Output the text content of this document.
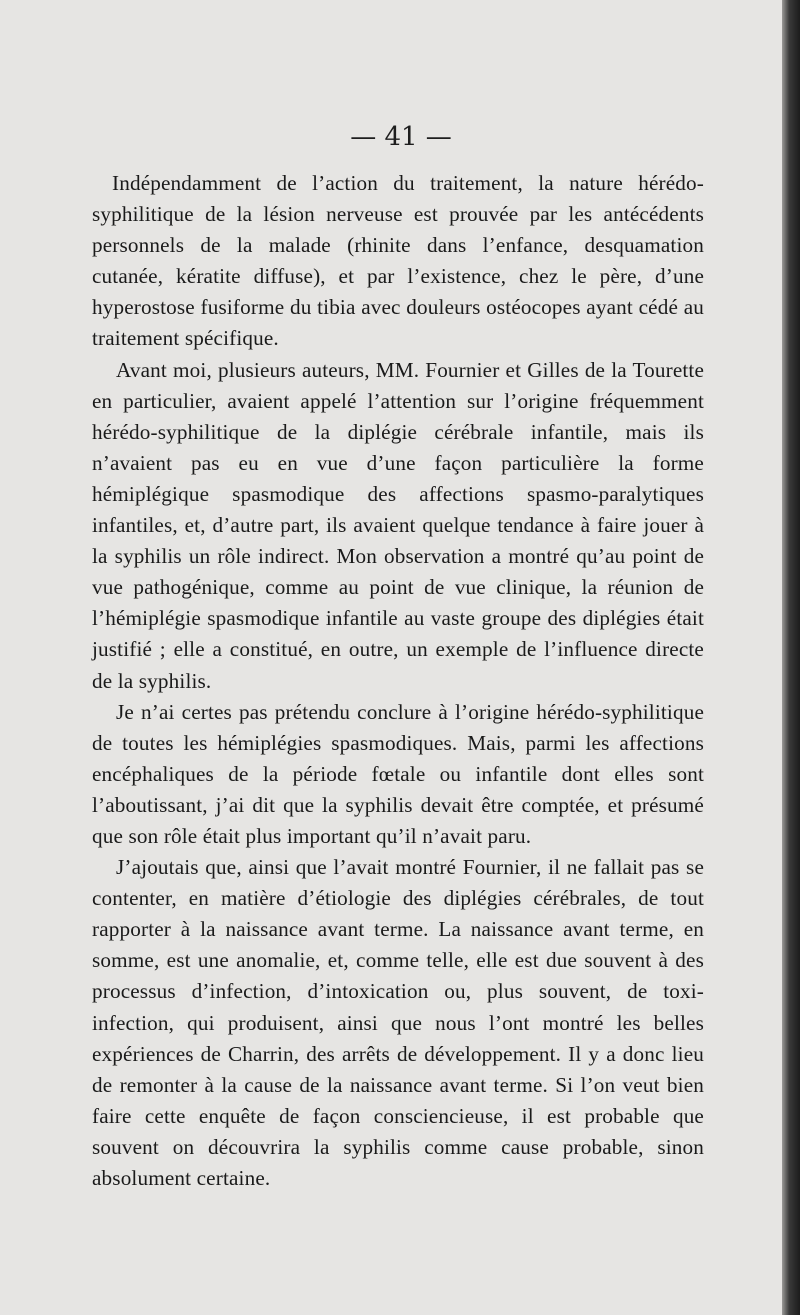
— 41 —

Indépendamment de l’action du traitement, la nature hérédo-syphilitique de la lésion nerveuse est prouvée par les antécédents personnels de la malade (rhinite dans l’enfance, desquamation cutanée, kératite diffuse), et par l’existence, chez le père, d’une hyperostose fusiforme du tibia avec douleurs ostéocopes ayant cédé au traitement spécifique.

Avant moi, plusieurs auteurs, MM. Fournier et Gilles de la Tourette en particulier, avaient appelé l’attention sur l’origine fréquemment hérédo-syphilitique de la diplégie cérébrale infantile, mais ils n’avaient pas eu en vue d’une façon particulière la forme hémiplégique spasmodique des affections spasmo-paralytiques infantiles, et, d’autre part, ils avaient quelque tendance à faire jouer à la syphilis un rôle indirect. Mon observation a montré qu’au point de vue pathogénique, comme au point de vue clinique, la réunion de l’hémiplégie spasmodique infantile au vaste groupe des diplégies était justifié ; elle a constitué, en outre, un exemple de l’influence directe de la syphilis.

Je n’ai certes pas prétendu conclure à l’origine hérédo-syphilitique de toutes les hémiplégies spasmodiques. Mais, parmi les affections encéphaliques de la période fœtale ou infantile dont elles sont l’aboutissant, j’ai dit que la syphilis devait être comptée, et présumé que son rôle était plus important qu’il n’avait paru.

J’ajoutais que, ainsi que l’avait montré Fournier, il ne fallait pas se contenter, en matière d’étiologie des diplégies cérébrales, de tout rapporter à la naissance avant terme. La naissance avant terme, en somme, est une anomalie, et, comme telle, elle est due souvent à des processus d’infection, d’intoxication ou, plus souvent, de toxi-infection, qui produisent, ainsi que nous l’ont montré les belles expériences de Charrin, des arrêts de développement. Il y a donc lieu de remonter à la cause de la naissance avant terme. Si l’on veut bien faire cette enquête de façon consciencieuse, il est probable que souvent on découvrira la syphilis comme cause probable, sinon absolument certaine.
